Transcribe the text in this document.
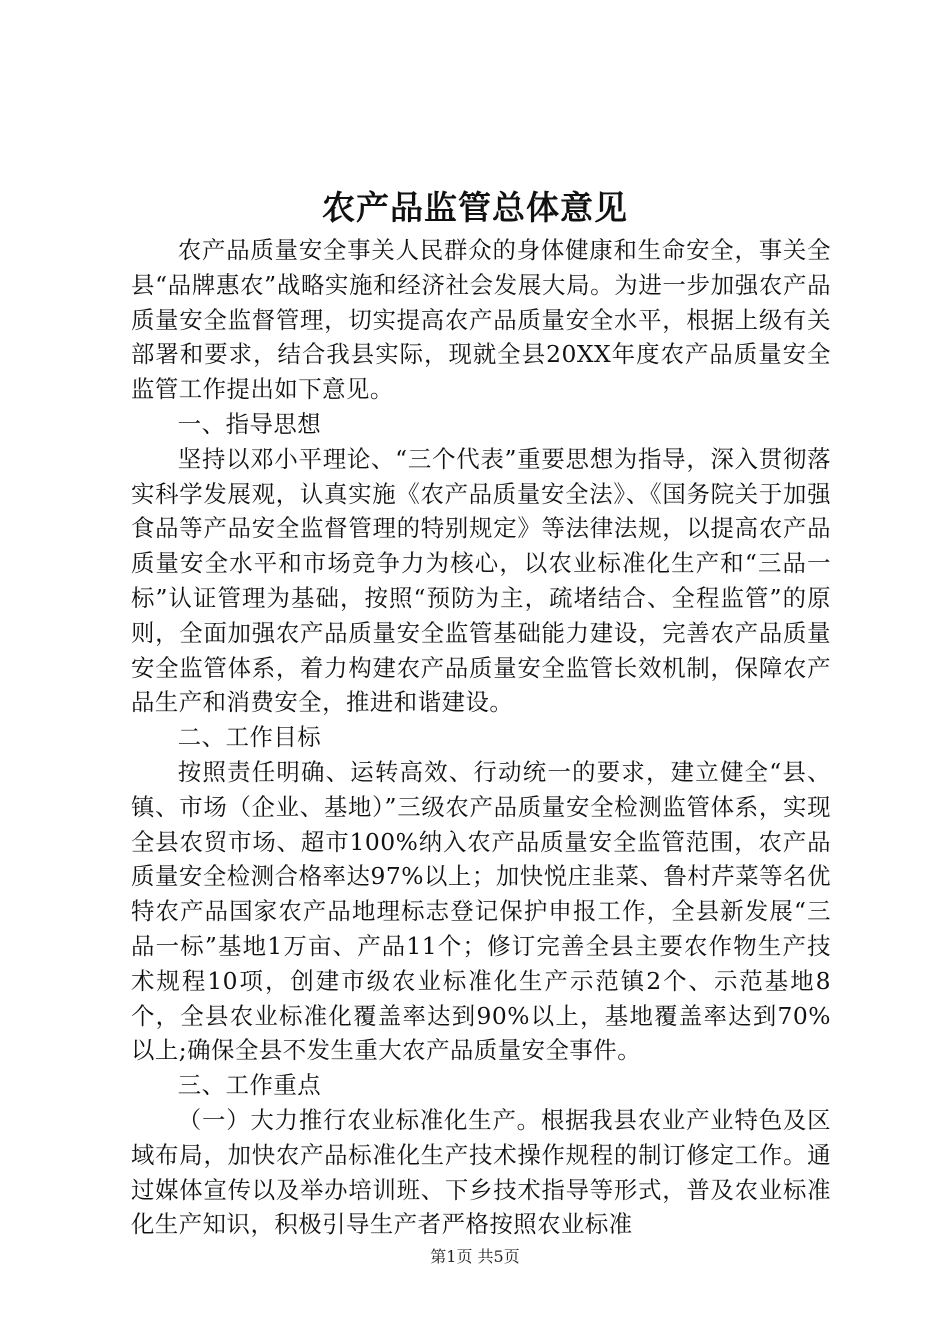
农产品监管总体意见

农产品质量安全事关人民群众的身体健康和生命安全，事关全县“品牌惠农”战略实施和经济社会发展大局。为进一步加强农产品质量安全监督管理，切实提高农产品质量安全水平，根据上级有关部署和要求，结合我县实际，现就全县20XX年度农产品质量安全监管工作提出如下意见。

一、指导思想

坚持以邓小平理论、“三个代表”重要思想为指导，深入贯彻落实科学发展观，认真实施《农产品质量安全法》、《国务院关于加强食品等产品安全监督管理的特别规定》等法律法规，以提高农产品质量安全水平和市场竞争力为核心，以农业标准化生产和“三品一标”认证管理为基础，按照“预防为主，疏堵结合、全程监管”的原则，全面加强农产品质量安全监管基础能力建设，完善农产品质量安全监管体系，着力构建农产品质量安全监管长效机制，保障农产品生产和消费安全，推进和谐建设。

二、工作目标

按照责任明确、运转高效、行动统一的要求，建立健全“县、镇、市场（企业、基地）”三级农产品质量安全检测监管体系，实现全县农贸市场、超市100%纳入农产品质量安全监管范围，农产品质量安全检测合格率达97%以上；加快悦庄韭菜、鲁村芹菜等名优特农产品国家农产品地理标志登记保护申报工作，全县新发展“三品一标”基地1万亩、产品11个；修订完善全县主要农作物生产技术规程10项，创建市级农业标准化生产示范镇2个、示范基地8个，全县农业标准化覆盖率达到90%以上，基地覆盖率达到70%以上;确保全县不发生重大农产品质量安全事件。

三、工作重点

（一）大力推行农业标准化生产。根据我县农业产业特色及区域布局，加快农产品标准化生产技术操作规程的制订修定工作。通过媒体宣传以及举办培训班、下乡技术指导等形式，普及农业标准化生产知识，积极引导生产者严格按照农业标准

第1页 共5页
